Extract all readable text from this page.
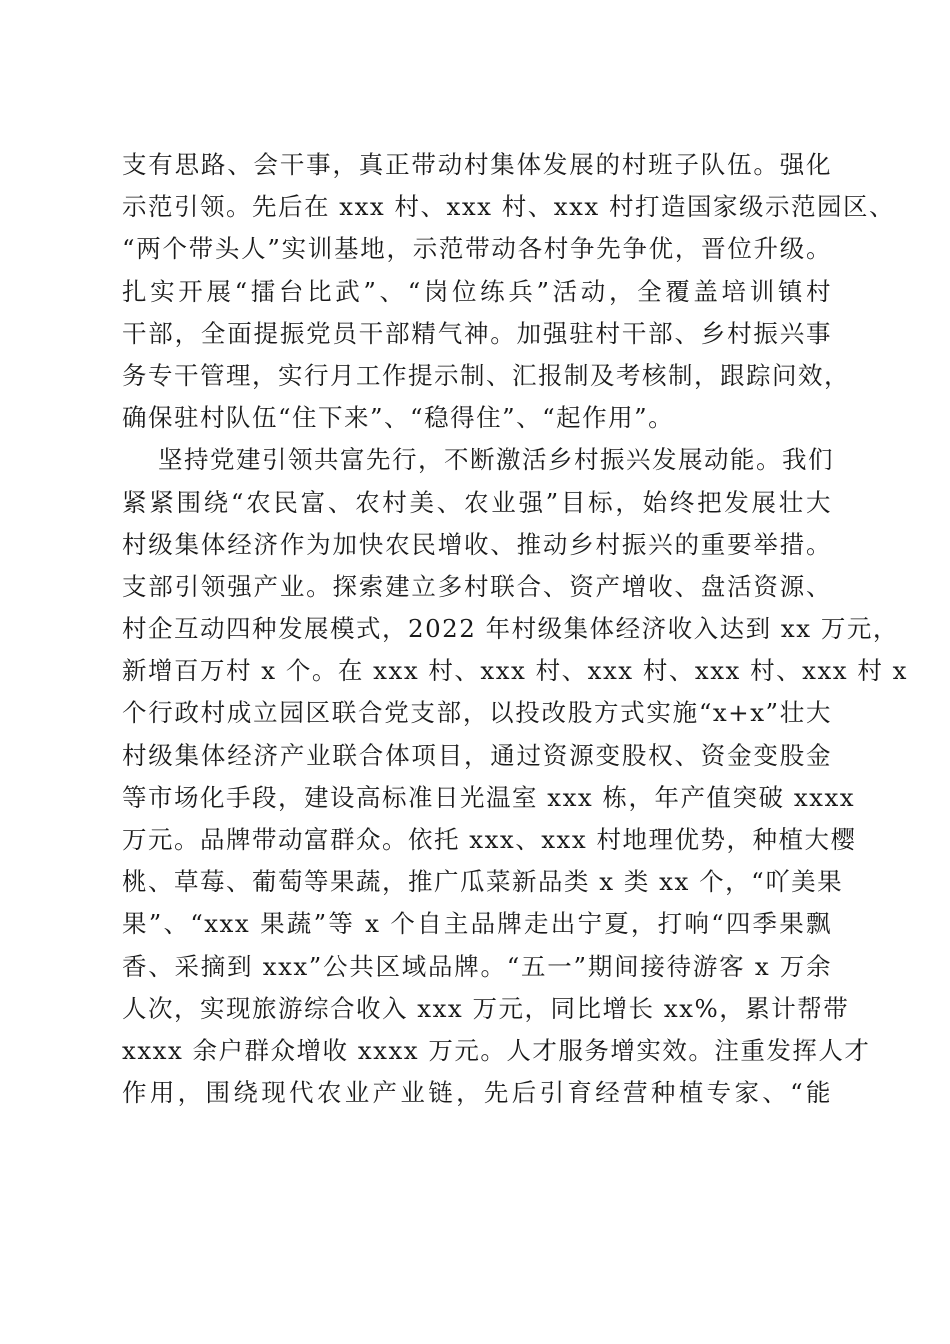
支有思路、会干事，真正带动村集体发展的村班子队伍。强化
示范引领。先后在 xxx 村、xxx 村、xxx 村打造国家级示范园区、
“两个带头人”实训基地，示范带动各村争先争优，晋位升级。
扎实开展“擂台比武”、“岗位练兵”活动，全覆盖培训镇村
干部，全面提振党员干部精气神。加强驻村干部、乡村振兴事
务专干管理，实行月工作提示制、汇报制及考核制，跟踪问效，
确保驻村队伍“住下来”、“稳得住”、“起作用”。
坚持党建引领共富先行，不断激活乡村振兴发展动能。我们
紧紧围绕“农民富、农村美、农业强”目标，始终把发展壮大
村级集体经济作为加快农民增收、推动乡村振兴的重要举措。
支部引领强产业。探索建立多村联合、资产增收、盘活资源、
村企互动四种发展模式，2022 年村级集体经济收入达到 xx 万元，
新增百万村 x 个。在 xxx 村、xxx 村、xxx 村、xxx 村、xxx 村 x
个行政村成立园区联合党支部，以投改股方式实施“x+x”壮大
村级集体经济产业联合体项目，通过资源变股权、资金变股金
等市场化手段，建设高标准日光温室 xxx 栋，年产值突破 xxxx
万元。品牌带动富群众。依托 xxx、xxx 村地理优势，种植大樱
桃、草莓、葡萄等果蔬，推广瓜菜新品类 x 类 xx 个，“吖美果
果”、“xxx 果蔬”等 x 个自主品牌走出宁夏，打响“四季果飘
香、采摘到 xxx”公共区域品牌。“五一”期间接待游客 x 万余
人次，实现旅游综合收入 xxx 万元，同比增长 xx%，累计帮带
xxxx 余户群众增收 xxxx 万元。人才服务增实效。注重发挥人才
作用，围绕现代农业产业链，先后引育经营种植专家、“能
